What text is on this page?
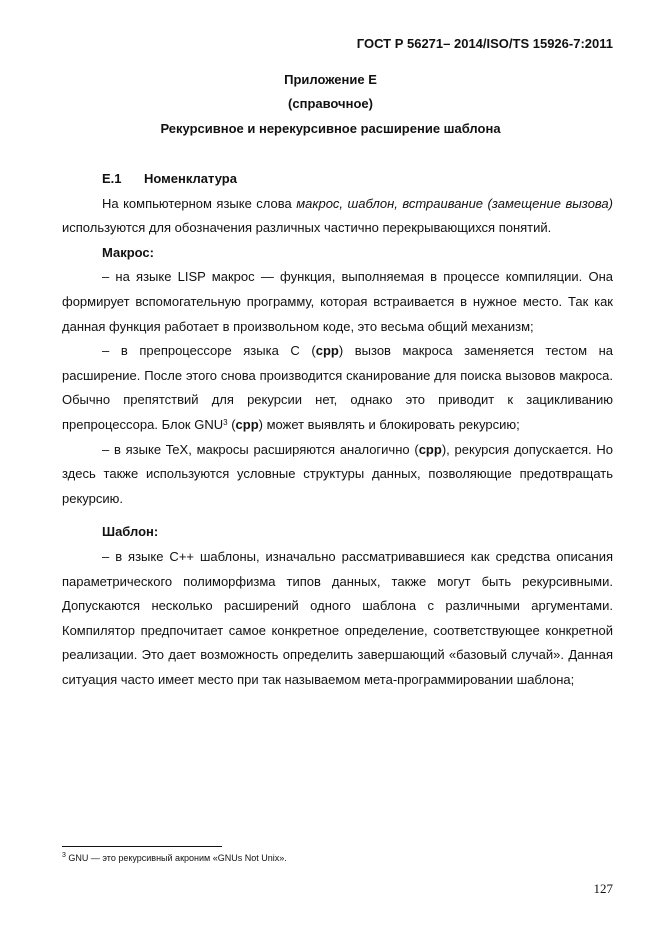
ГОСТ Р 56271– 2014/ISO/TS 15926-7:2011
Приложение Е
(справочное)
Рекурсивное и нерекурсивное расширение шаблона

Е.1 Номенклатура

На компьютерном языке слова макрос, шаблон, встраивание (замещение вызова) используются для обозначения различных частично перекрывающихся понятий.

Макрос:

– на языке LISP макрос — функция, выполняемая в процессе компиляции. Она формирует вспомогательную программу, которая встраивается в нужное место. Так как данная функция работает в произвольном коде, это весьма общий механизм;

– в препроцессоре языка С (cpp) вызов макроса заменяется тестом на расширение. После этого снова производится сканирование для поиска вызовов макроса. Обычно препятствий для рекурсии нет, однако это приводит к зацикливанию препроцессора. Блок GNU$^3$ (cpp) может выявлять и блокировать рекурсию;

– в языке TeX, макросы расширяются аналогично (cpp), рекурсия допускается. Но здесь также используются условные структуры данных, позволяющие предотвращать рекурсию.

Шаблон:

– в языке С++ шаблоны, изначально рассматривавшиеся как средства описания параметрического полиморфизма типов данных, также могут быть рекурсивными. Допускаются несколько расширений одного шаблона с различными аргументами. Компилятор предпочитает самое конкретное определение, соответствующее конкретной реализации. Это дает возможность определить завершающий «базовый случай». Данная ситуация часто имеет место при так называемом мета-программировании шаблона;

$^3$ GNU — это рекурсивный акроним «GNUs Not Unix».
127
